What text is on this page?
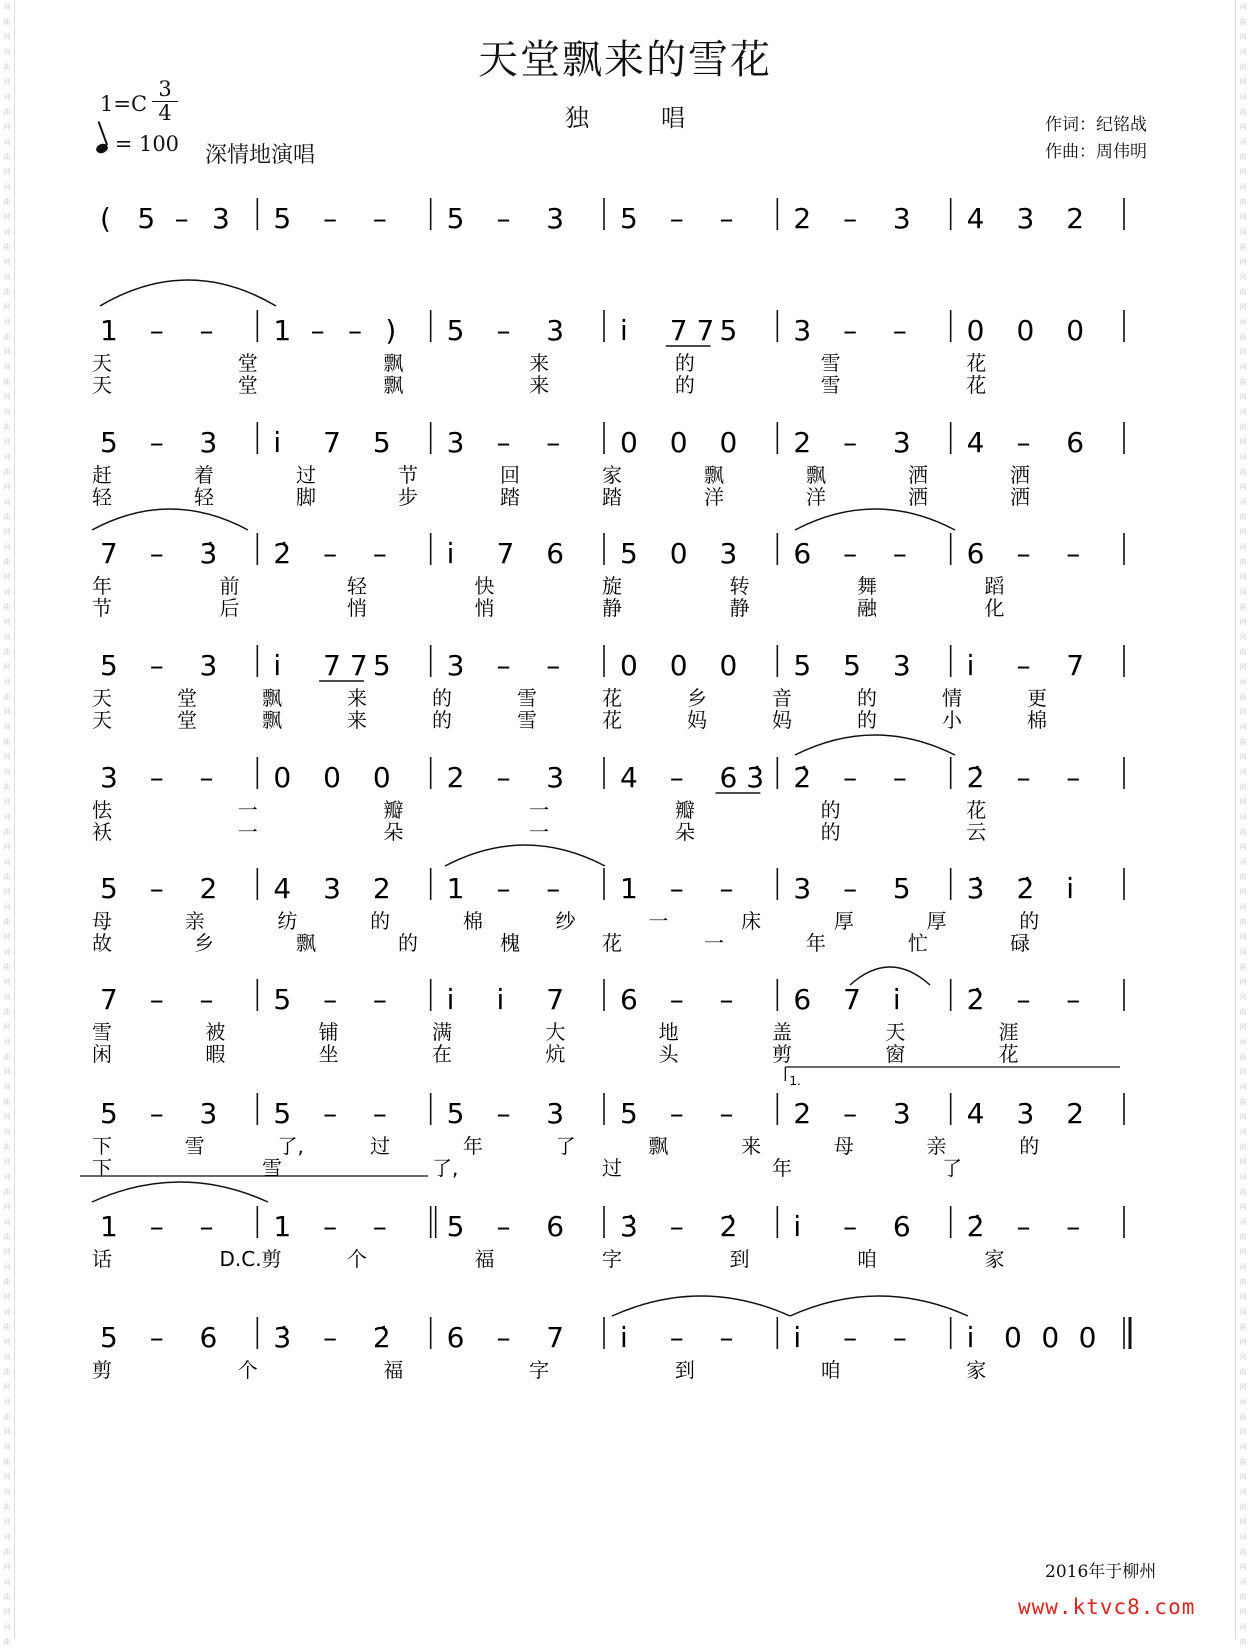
词
曲
网
词
曲
网
词
曲
网
词
曲
网
词
曲
网
词
曲
网
词
曲
网
词
曲
网
词
曲
网
词
曲
网
词
曲
网
词
曲
网
词
曲
网
词
曲
网
词
曲
网
词
曲
网
词
曲
网
词
曲
网
词
曲
网
词
曲
网
词
曲
网
词
曲
网
词
曲
网
词
曲
网
词
曲
网
词
曲
网
词
曲
网
词
曲
网
词
曲
网
词
曲
网
词
曲
网
词
曲
网
词
曲
网
词
曲
网
词
曲
网
词
曲
网
词
曲

词
曲
网
词
曲
网
词
曲
网
词
曲
网
词
曲
网
词
曲
网
词
曲
网
词
曲
网
词
曲
网
词
曲
网
词
曲
网
词
曲
网
词
曲
网
词
曲
网
词
曲
网
词
曲
网
词
曲
网
词
曲
网
词
曲
网
词
曲
网
词
曲
网
词
曲
网
词
曲
网
词
曲
网
词
曲
网
词
曲
网
词
曲
网
词
曲
网
词
曲
网
词
曲
网
词
曲
网
词
曲
网
词
曲
网
词
曲
网
词
曲
网
词
曲
网
词
曲

天堂飘来的雪花
独　　　唱
1=C
3
4
= 100 深情地演唱
作词：纪铭战
作曲：周伟明
( 5 – 3 5 – – 5 – 3 5 – – 2 – 3 4 3 2
1 – – 1 – – ) 5 – 3 i̇ 7 7 5 3 – – 0 0 0
天	堂	飘	来	的	雪	花
天	堂	飘	来	的	雪	花
5 – 3 i̇ 7 5 3 – – 0 0 0 2 – 3 4 – 6
赶	着	过	节	回	家	飘	飘	洒	洒
轻	轻	脚	步	踏	踏	洋	洋	洒	洒
7 – 3̇ 2̇ – – i̇ 7 6 5 0 3 6 – – 6 – –
年	前	轻	快	旋	转	舞	蹈
节	后	悄	悄	静	静	融	化
5 – 3 i̇ 7 7 5 3 – – 0 0 0 5 5 3 i̇ – 7
天	堂	飘	来	的	雪	花	乡	音	的	情	更
天	堂	飘	来	的	雪	花	妈	妈	的	小	棉
3 – – 0 0 0 2 – 3 4 – 6 3̇ 2̇ – – 2̇ – –
怯	一	瓣	一	瓣	的	花
袄	一	朵	一	朵	的	云
5 – 2 4 3 2 1 – – 1 – – 3 – 5 3̇ 2̇ i̇
母	亲	纺	的	棉	纱	一	床	厚	厚	的
故	乡	飘	的	槐	花	一	年	忙	碌
7 – – 5 – – i̇ i̇ 7 6 – – 6 7 i̇ 2̇ – –
雪	被	铺	满	大	地	盖	天	涯
闲	暇	坐	在	炕	头	剪	窗	花
1.
5 – 3 5 – – 5 – 3 5 – – 2 – 3 4 3 2
下	雪	了,	过	年	了	飘	来	母	亲	的
下	雪	了,	过	年	了
1 – – 1 – – 5 – 6 3̇ – 2̇ i̇ – 6 2̇ – –
话	D.C.剪	个	福	字	到	咱	家
5 – 6 3̇ – 2̇ 6 – 7 i̇ – – i̇ – – i̇ 0 0 0
剪	个	福	字	到	咱	家
2016年于柳州
www.ktvc8.com
